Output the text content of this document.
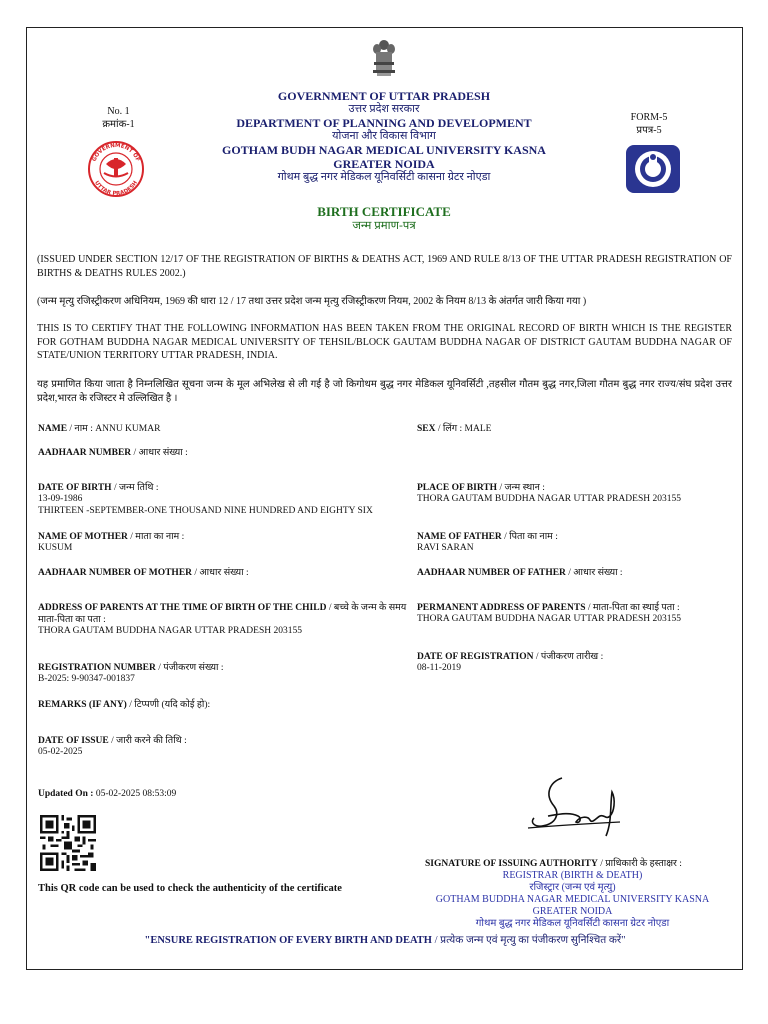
No. 1
क्रमांक-1
FORM-5
प्रपत्र-5
GOVERNMENT OF
UTTAR PRADESH
GOVERNMENT OF UTTAR PRADESH
उत्तर प्रदेश सरकार
DEPARTMENT OF PLANNING AND DEVELOPMENT
योजना और विकास विभाग
GOTHAM BUDH NAGAR MEDICAL UNIVERSITY KASNA
GREATER NOIDA
गोथम बुद्ध नगर मेडिकल यूनिवर्सिटी कासना ग्रेटर नोएडा
BIRTH CERTIFICATE
जन्म प्रमाण-पत्र
(ISSUED UNDER SECTION 12/17 OF THE REGISTRATION OF BIRTHS & DEATHS ACT, 1969 AND RULE 8/13 OF THE UTTAR PRADESH REGISTRATION OF BIRTHS & DEATHS RULES 2002.)
(जन्म मृत्यु रजिस्ट्रीकरण अधिनियम, 1969 की धारा 12 / 17 तथा उत्तर प्रदेश जन्म मृत्यु रजिस्ट्रीकरण नियम, 2002 के नियम 8/13 के अंतर्गत जारी किया गया )
THIS IS TO CERTIFY THAT THE FOLLOWING INFORMATION HAS BEEN TAKEN FROM THE ORIGINAL RECORD OF BIRTH WHICH IS THE REGISTER FOR GOTHAM BUDDHA NAGAR MEDICAL UNIVERSITY OF TEHSIL/BLOCK GAUTAM BUDDHA NAGAR OF DISTRICT GAUTAM BUDDHA NAGAR OF STATE/UNION TERRITORY UTTAR PRADESH, INDIA.
यह प्रमाणित किया जाता है निम्नलिखित सूचना जन्म के मूल अभिलेख से ली गई है जो किगोथम बुद्ध नगर मेडिकल यूनिवर्सिटी ,तहसील गौतम बुद्ध नगर,जिला गौतम बुद्ध नगर राज्य/संघ प्रदेश उत्तर प्रदेश,भारत के रजिस्टर मे उल्लिखित है ।
NAME / नाम : ANNU KUMAR
AADHAAR NUMBER / आधार संख्या :
DATE OF BIRTH / जन्म तिथि :
13-09-1986
THIRTEEN -SEPTEMBER-ONE THOUSAND NINE HUNDRED AND EIGHTY SIX
NAME OF MOTHER / माता का नाम :
KUSUM
AADHAAR NUMBER OF MOTHER / आधार संख्या :
ADDRESS OF PARENTS AT THE TIME OF BIRTH OF THE CHILD / बच्चे के जन्म के समय माता-पिता का पता :
THORA GAUTAM BUDDHA NAGAR UTTAR PRADESH 203155
REGISTRATION NUMBER / पंजीकरण संख्या :
B-2025: 9-90347-001837
REMARKS (IF ANY) / टिप्पणी (यदि कोई हो):
DATE OF ISSUE / जारी करने की तिथि :
05-02-2025
SEX / लिंग : MALE
PLACE OF BIRTH / जन्म स्थान :
THORA GAUTAM BUDDHA NAGAR UTTAR PRADESH 203155
NAME OF FATHER / पिता का नाम :
RAVI SARAN
AADHAAR NUMBER OF FATHER / आधार संख्या :
PERMANENT ADDRESS OF PARENTS / माता-पिता का स्थाई पता :
THORA GAUTAM BUDDHA NAGAR UTTAR PRADESH 203155
DATE OF REGISTRATION / पंजीकरण तारीख :
08-11-2019
Updated On : 05-02-2025 08:53:09
This QR code can be used to check the authenticity of the certificate
SIGNATURE OF ISSUING AUTHORITY / प्राधिकारी के हस्ताक्षर :
REGISTRAR (BIRTH & DEATH)
रजिस्ट्रार (जन्म एवं मृत्यु)
GOTHAM BUDDHA NAGAR MEDICAL UNIVERSITY KASNA
GREATER NOIDA
गोथम बुद्ध नगर मेडिकल यूनिवर्सिटी कासना ग्रेटर नोएडा
"ENSURE REGISTRATION OF EVERY BIRTH AND DEATH / प्रत्येक जन्म एवं मृत्यु का पंजीकरण सुनिश्चित करें"
